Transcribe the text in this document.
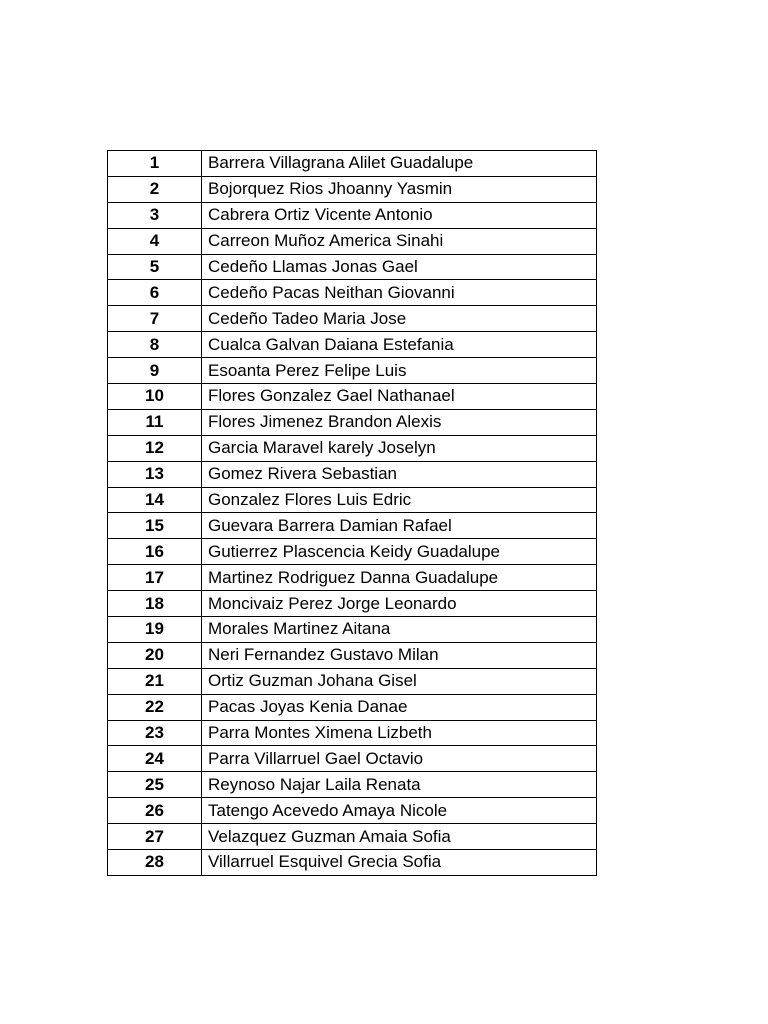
1	Barrera Villagrana Alilet Guadalupe
2	Bojorquez Rios Jhoanny Yasmin
3	Cabrera Ortiz Vicente Antonio
4	Carreon Muñoz America Sinahi
5	Cedeño Llamas Jonas Gael
6	Cedeño Pacas Neithan Giovanni
7	Cedeño Tadeo Maria Jose
8	Cualca Galvan Daiana Estefania
9	Esoanta Perez Felipe Luis
10	Flores Gonzalez Gael Nathanael
11	Flores Jimenez Brandon Alexis
12	Garcia Maravel karely Joselyn
13	Gomez Rivera Sebastian
14	Gonzalez Flores Luis Edric
15	Guevara Barrera Damian Rafael
16	Gutierrez Plascencia Keidy Guadalupe
17	Martinez Rodriguez Danna Guadalupe
18	Moncivaiz Perez Jorge Leonardo
19	Morales Martinez Aitana
20	Neri Fernandez Gustavo Milan
21	Ortiz Guzman Johana Gisel
22	Pacas Joyas Kenia Danae
23	Parra Montes Ximena Lizbeth
24	Parra Villarruel Gael Octavio
25	Reynoso Najar Laila Renata
26	Tatengo Acevedo Amaya Nicole
27	Velazquez Guzman Amaia Sofia
28	Villarruel Esquivel Grecia Sofia
